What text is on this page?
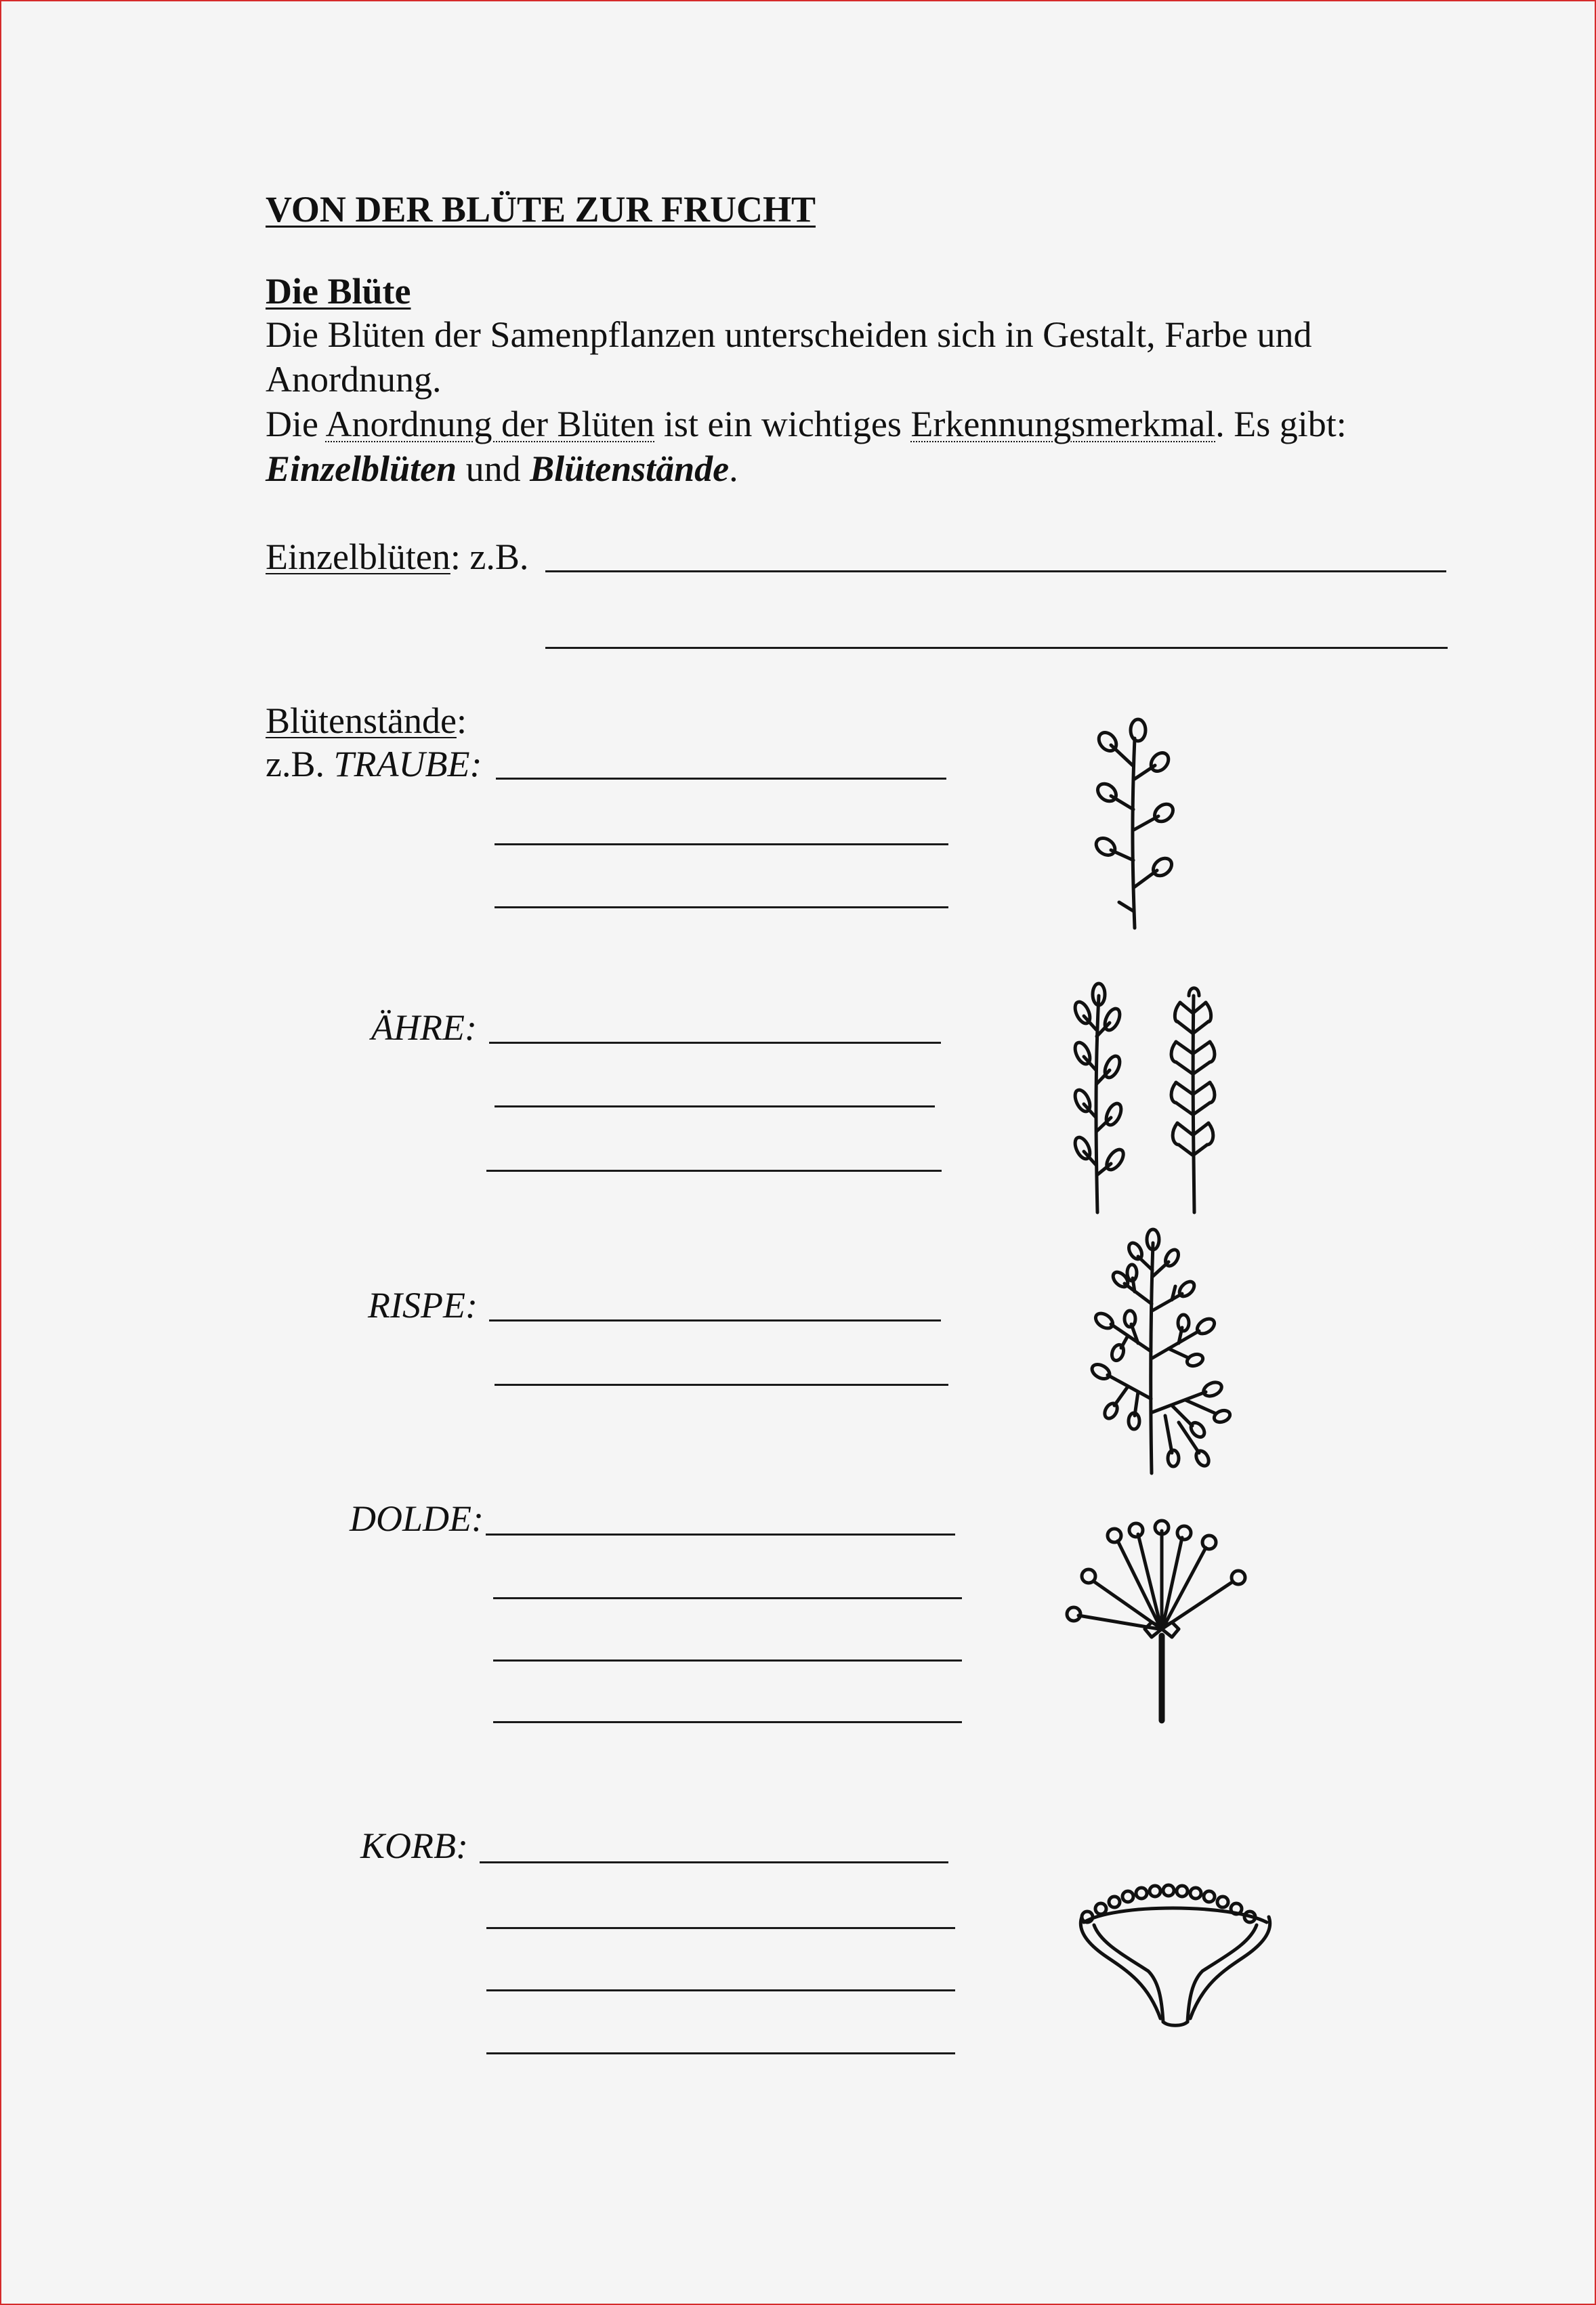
VON DER BLÜTE ZUR FRUCHT
Die Blüte
Die Blüten der Samenpflanzen unterscheiden sich in Gestalt, Farbe und
Anordnung.
Die Anordnung der Blüten ist ein wichtiges Erkennungsmerkmal. Es gibt:
Einzelblüten und Blütenstände.
Einzelblüten: z.B.
Blütenstände:
z.B. TRAUBE:
ÄHRE:
RISPE:
DOLDE:
KORB:
